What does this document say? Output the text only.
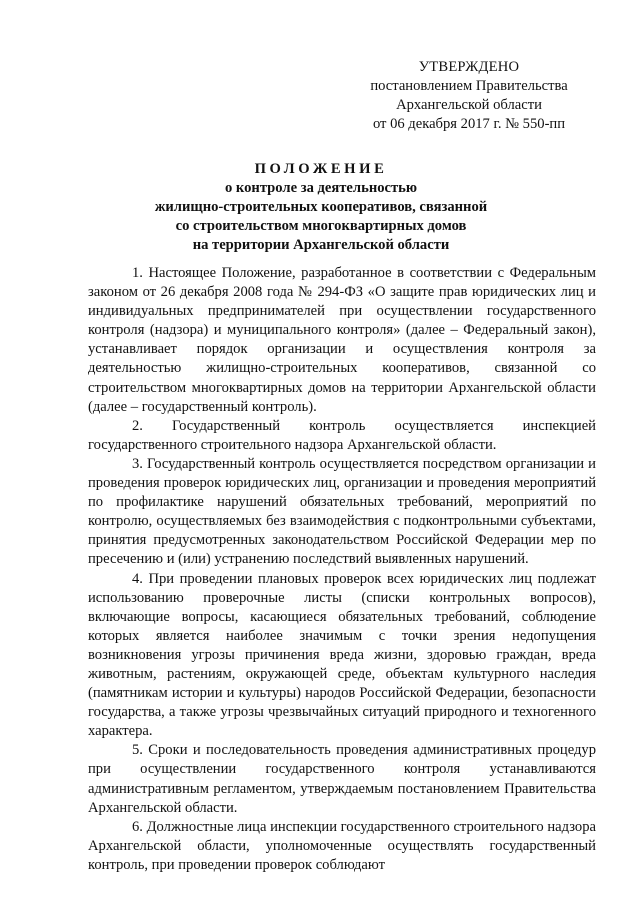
УТВЕРЖДЕНО
постановлением Правительства
Архангельской области
от 06 декабря 2017 г. № 550-пп
ПОЛОЖЕНИЕ
о контроле за деятельностью
жилищно-строительных кооперативов, связанной
со строительством многоквартирных домов
на территории Архангельской области

1. Настоящее Положение, разработанное в соответствии с Федеральным законом от 26 декабря 2008 года № 294-ФЗ «О защите прав юридических лиц и индивидуальных предпринимателей при осуществлении государственного контроля (надзора) и муниципального контроля» (далее – Федеральный закон), устанавливает порядок организации и осуществления контроля за деятельностью жилищно-строительных кооперативов, связанной со строительством многоквартирных домов на территории Архангельской области (далее – государственный контроль).

2. Государственный контроль осуществляется инспекцией государственного строительного надзора Архангельской области.

3. Государственный контроль осуществляется посредством организации и проведения проверок юридических лиц, организации и проведения мероприятий по профилактике нарушений обязательных требований, мероприятий по контролю, осуществляемых без взаимодействия с подконтрольными субъектами, принятия предусмотренных законодательством Российской Федерации мер по пресечению и (или) устранению последствий выявленных нарушений.

4. При проведении плановых проверок всех юридических лиц подлежат использованию проверочные листы (списки контрольных вопросов), включающие вопросы, касающиеся обязательных требований, соблюдение которых является наиболее значимым с точки зрения недопущения возникновения угрозы причинения вреда жизни, здоровью граждан, вреда животным, растениям, окружающей среде, объектам культурного наследия (памятникам истории и культуры) народов Российской Федерации, безопасности государства, а также угрозы чрезвычайных ситуаций природного и техногенного характера.

5. Сроки и последовательность проведения административных процедур при осуществлении государственного контроля устанавливаются административным регламентом, утверждаемым постановлением Правительства Архангельской области.

6. Должностные лица инспекции государственного строительного надзора Архангельской области, уполномоченные осуществлять государственный контроль, при проведении проверок соблюдают
